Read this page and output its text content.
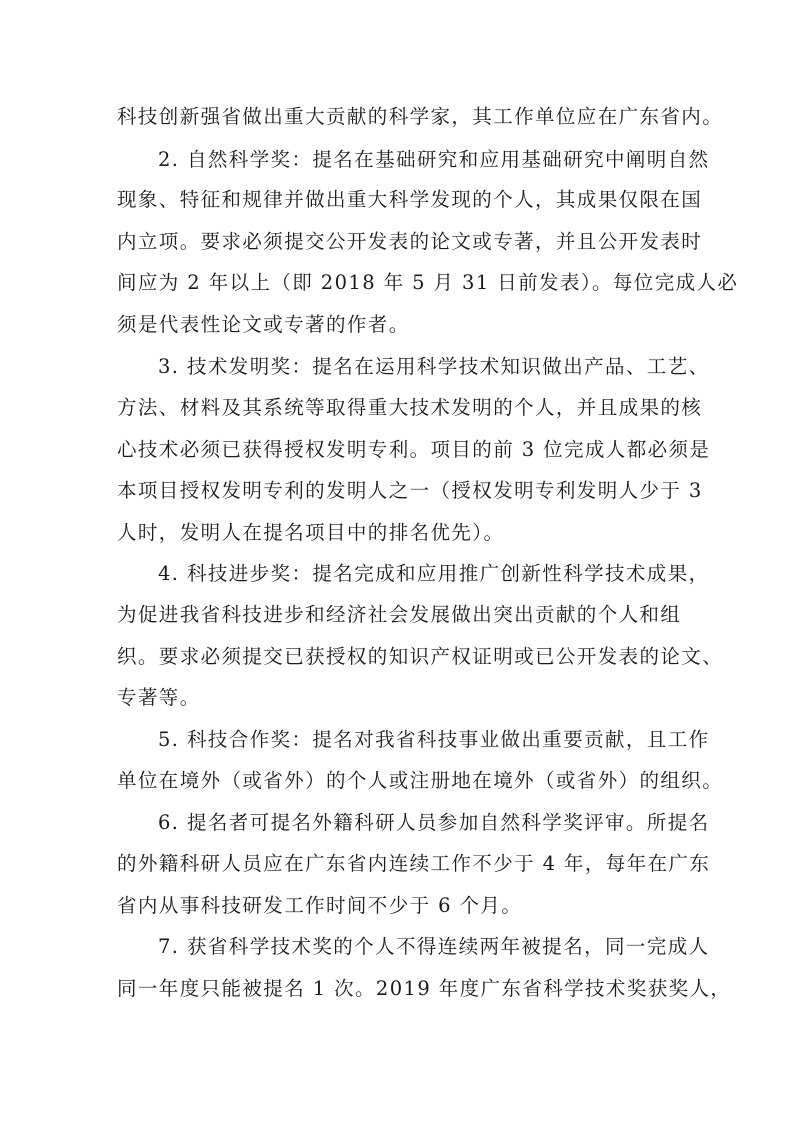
科技创新强省做出重大贡献的科学家，其工作单位应在广东省内。
2. 自然科学奖：提名在基础研究和应用基础研究中阐明自然
现象、特征和规律并做出重大科学发现的个人，其成果仅限在国
内立项。要求必须提交公开发表的论文或专著，并且公开发表时
间应为 2 年以上（即 2018 年 5 月 31 日前发表）。每位完成人必
须是代表性论文或专著的作者。
3. 技术发明奖：提名在运用科学技术知识做出产品、工艺、
方法、材料及其系统等取得重大技术发明的个人，并且成果的核
心技术必须已获得授权发明专利。项目的前 3 位完成人都必须是
本项目授权发明专利的发明人之一（授权发明专利发明人少于 3
人时，发明人在提名项目中的排名优先）。
4. 科技进步奖：提名完成和应用推广创新性科学技术成果，
为促进我省科技进步和经济社会发展做出突出贡献的个人和组
织。要求必须提交已获授权的知识产权证明或已公开发表的论文、
专著等。
5. 科技合作奖：提名对我省科技事业做出重要贡献，且工作
单位在境外（或省外）的个人或注册地在境外（或省外）的组织。
6. 提名者可提名外籍科研人员参加自然科学奖评审。所提名
的外籍科研人员应在广东省内连续工作不少于 4 年，每年在广东
省内从事科技研发工作时间不少于 6 个月。
7. 获省科学技术奖的个人不得连续两年被提名，同一完成人
同一年度只能被提名 1 次。2019 年度广东省科学技术奖获奖人，
